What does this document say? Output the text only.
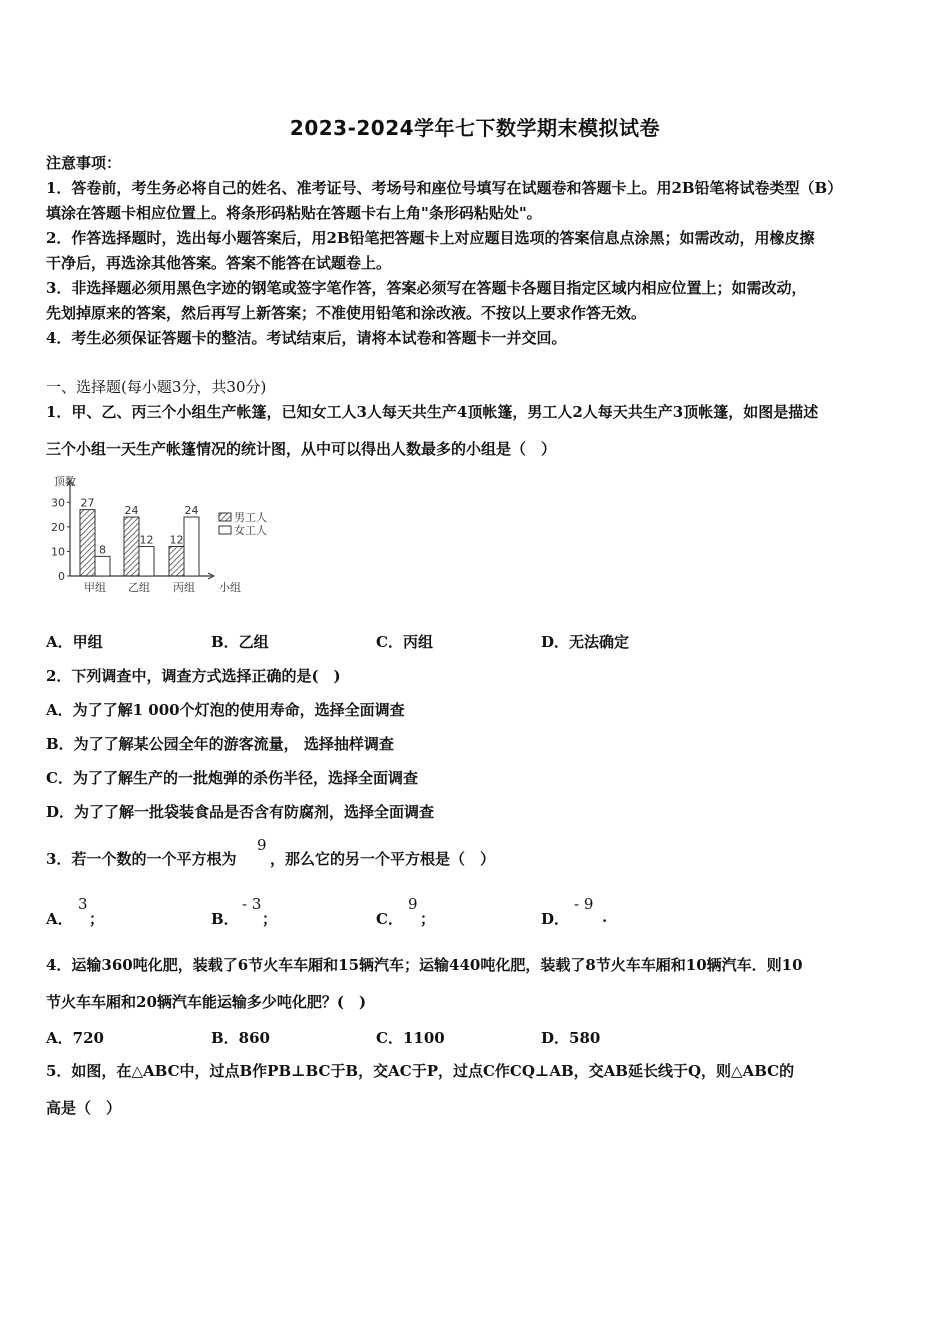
2023-2024学年七下数学期末模拟试卷
注意事项：
1．答卷前，考生务必将自己的姓名、准考证号、考场号和座位号填写在试题卷和答题卡上。用2B铅笔将试卷类型（B）
填涂在答题卡相应位置上。将条形码粘贴在答题卡右上角"条形码粘贴处"。
2．作答选择题时，选出每小题答案后，用2B铅笔把答题卡上对应题目选项的答案信息点涂黑；如需改动，用橡皮擦
干净后，再选涂其他答案。答案不能答在试题卷上。
3．非选择题必须用黑色字迹的钢笔或签字笔作答，答案必须写在答题卡各题目指定区域内相应位置上；如需改动，
先划掉原来的答案，然后再写上新答案；不准使用铅笔和涂改液。不按以上要求作答无效。
4．考生必须保证答题卡的整洁。考试结束后，请将本试卷和答题卡一并交回。
一、选择题(每小题3分，共30分)
1．甲、乙、丙三个小组生产帐篷，已知女工人3人每天共生产4顶帐篷，男工人2人每天共生产3顶帐篷，如图是描述
三个小组一天生产帐篷情况的统计图，从中可以得出人数最多的小组是（　）
顶数
0
10
20
30 27
8
甲组
24
12
乙组
12
24
丙组 小组
男工人
女工人
A．甲组	B．乙组	C．丙组	D．无法确定
2．下列调查中，调查方式选择正确的是(　)
A．为了了解1 000个灯泡的使用寿命，选择全面调查
B．为了了解某公园全年的游客流量， 选择抽样调查
C．为了了解生产的一批炮弹的杀伤半径，选择全面调查
D．为了了解一批袋装食品是否含有防腐剂，选择全面调查
3．若一个数的一个平方根为
9
，那么它的另一个平方根是（　）
A．
3
；	B．
- 3
；	C．
9
；	D．
- 9
.
4．运输360吨化肥，装载了6节火车车厢和15辆汽车；运输440吨化肥，装载了8节火车车厢和10辆汽车．则10
节火车车厢和20辆汽车能运输多少吨化肥？(　)
A．720	B．860	C．1100	D．580
5．如图，在△ABC中，过点B作PB⊥BC于B，交AC于P，过点C作CQ⊥AB，交AB延长线于Q，则△ABC的
高是（　）
